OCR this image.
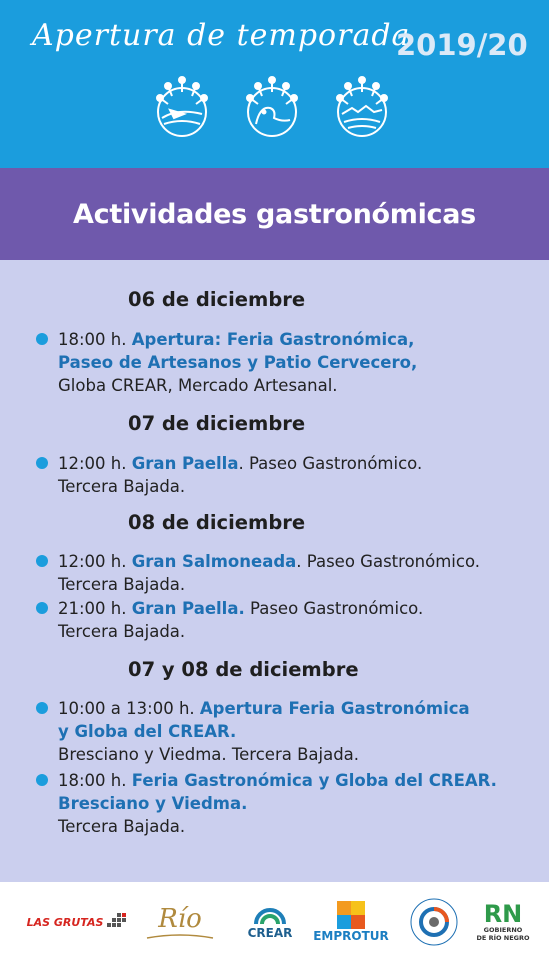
Apertura de temporada
2019/20
Actividades gastronómicas
06 de diciembre
18:00 h. Apertura: Feria Gastronómica,
Paseo de Artesanos y Patio Cervecero,
Globa CREAR, Mercado Artesanal.
07 de diciembre
12:00 h. Gran Paella. Paseo Gastronómico.
Tercera Bajada.
08 de diciembre
12:00 h. Gran Salmoneada. Paseo Gastronómico.
Tercera Bajada.
21:00 h. Gran Paella. Paseo Gastronómico.
Tercera Bajada.
07 y 08 de diciembre
10:00 a 13:00 h. Apertura Feria Gastronómica
y Globa del CREAR.
Bresciano y Viedma. Tercera Bajada.
18:00 h. Feria Gastronómica y Globa del CREAR.
Bresciano y Viedma.
Tercera Bajada.
LAS GRUTAS Río	CREAR EMPROTUR
RN
GOBIERNO
DE RÍO NEGRO
